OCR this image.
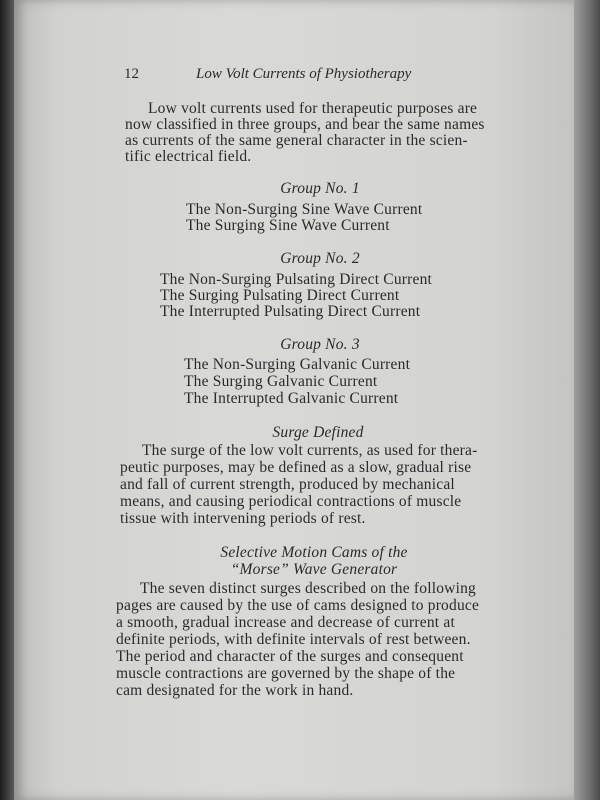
12	Low Volt Currents of Physiotherapy
Low volt currents used for therapeutic purposes are
now classified in three groups, and bear the same names
as currents of the same general character in the scien-
tific electrical field.
Group No. 1
The Non-Surging Sine Wave Current
The Surging Sine Wave Current
Group No. 2
The Non-Surging Pulsating Direct Current
The Surging Pulsating Direct Current
The Interrupted Pulsating Direct Current
Group No. 3
The Non-Surging Galvanic Current
The Surging Galvanic Current
The Interrupted Galvanic Current
Surge Defined
The surge of the low volt currents, as used for thera-
peutic purposes, may be defined as a slow, gradual rise
and fall of current strength, produced by mechanical
means, and causing periodical contractions of muscle
tissue with intervening periods of rest.
Selective Motion Cams of the
“Morse” Wave Generator
The seven distinct surges described on the following
pages are caused by the use of cams designed to produce
a smooth, gradual increase and decrease of current at
definite periods, with definite intervals of rest between.
The period and character of the surges and consequent
muscle contractions are governed by the shape of the
cam designated for the work in hand.
